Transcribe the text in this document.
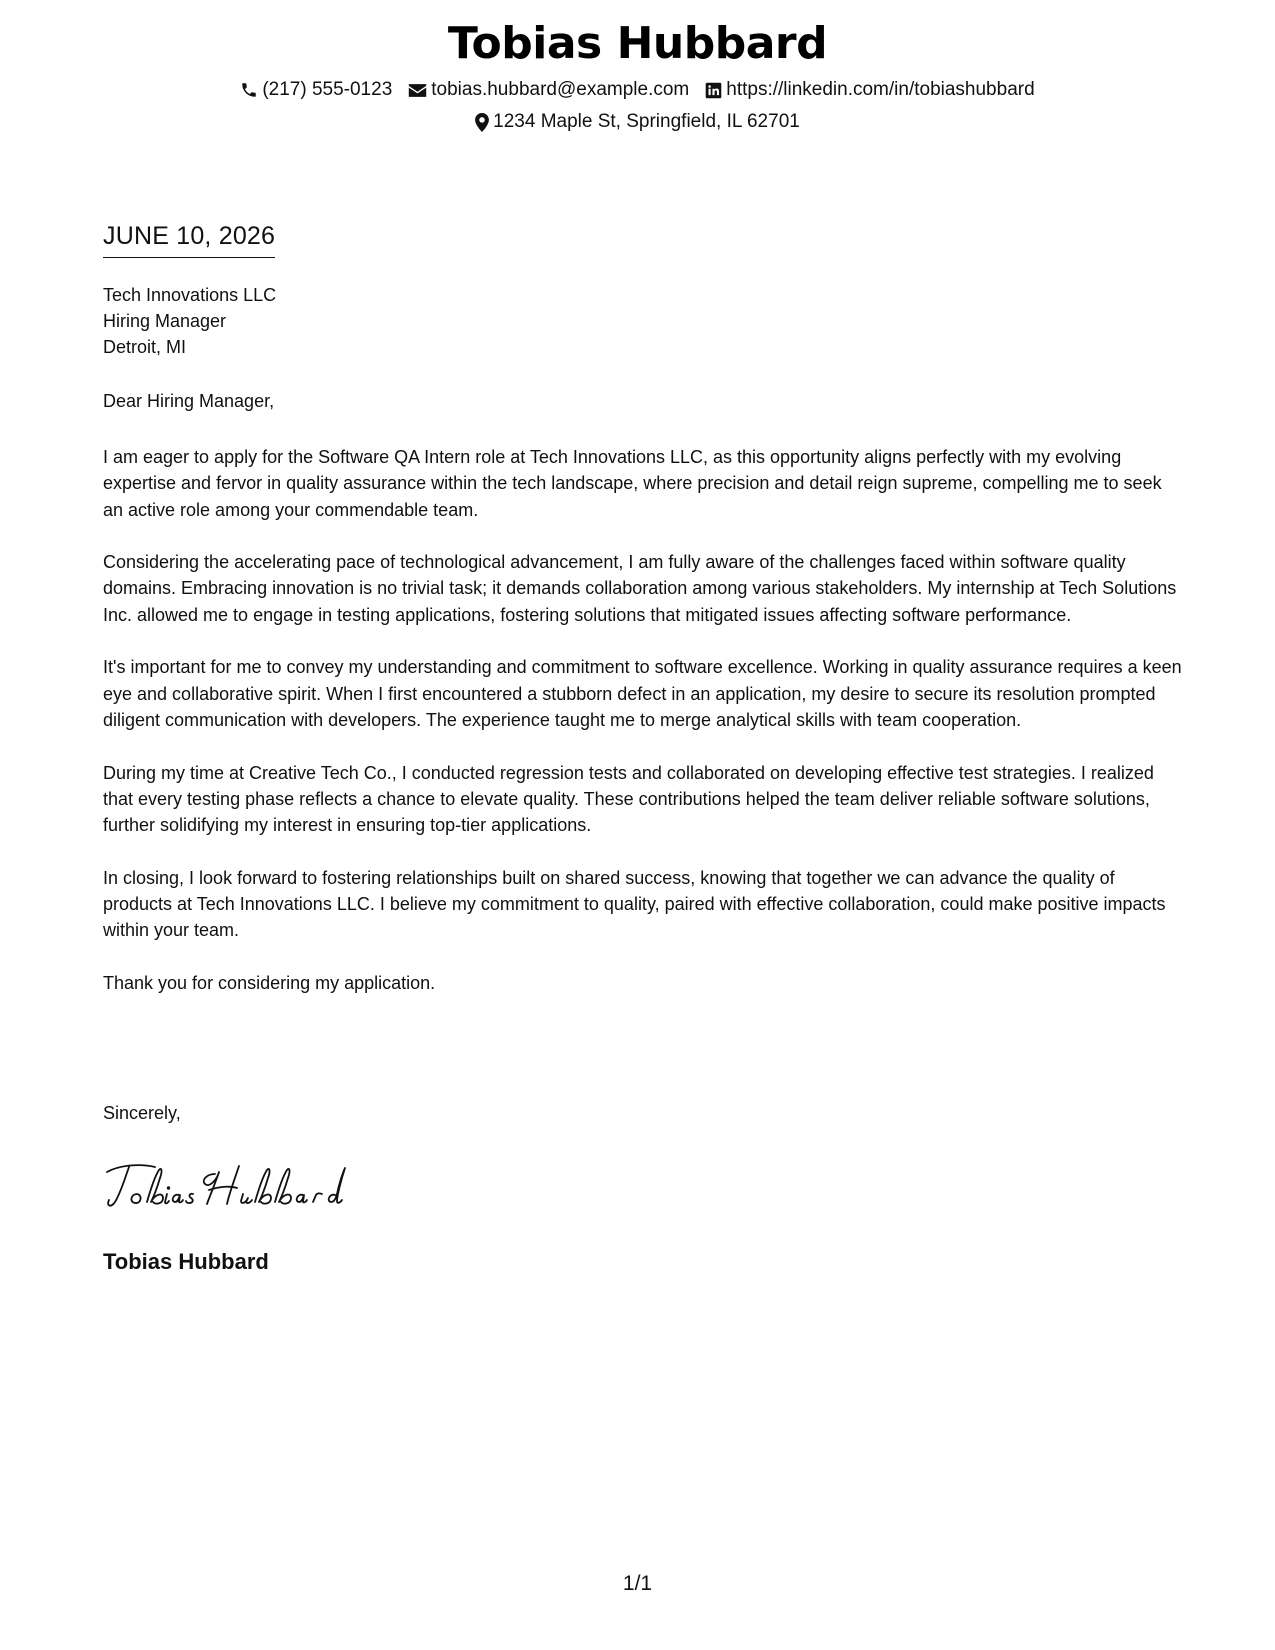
Tobias Hubbard
(217) 555-0123 tobias.hubbard@example.com https://linkedin.com/in/tobiashubbard
1234 Maple St, Springfield, IL 62701
JUNE 10, 2026
Tech Innovations LLC
Hiring Manager
Detroit, MI
Dear Hiring Manager,

I am eager to apply for the Software QA Intern role at Tech Innovations LLC, as this opportunity aligns perfectly with my evolving expertise and fervor in quality assurance within the tech landscape, where precision and detail reign supreme, compelling me to seek an active role among your commendable team.

Considering the accelerating pace of technological advancement, I am fully aware of the challenges faced within software quality domains. Embracing innovation is no trivial task; it demands collaboration among various stakeholders. My internship at Tech Solutions Inc. allowed me to engage in testing applications, fostering solutions that mitigated issues affecting software performance.

It's important for me to convey my understanding and commitment to software excellence. Working in quality assurance requires a keen eye and collaborative spirit. When I first encountered a stubborn defect in an application, my desire to secure its resolution prompted diligent communication with developers. The experience taught me to merge analytical skills with team cooperation.

During my time at Creative Tech Co., I conducted regression tests and collaborated on developing effective test strategies. I realized that every testing phase reflects a chance to elevate quality. These contributions helped the team deliver reliable software solutions, further solidifying my interest in ensuring top-tier applications.

In closing, I look forward to fostering relationships built on shared success, knowing that together we can advance the quality of products at Tech Innovations LLC. I believe my commitment to quality, paired with effective collaboration, could make positive impacts within your team.

Thank you for considering my application.

Sincerely,
Tobias Hubbard
1/1
